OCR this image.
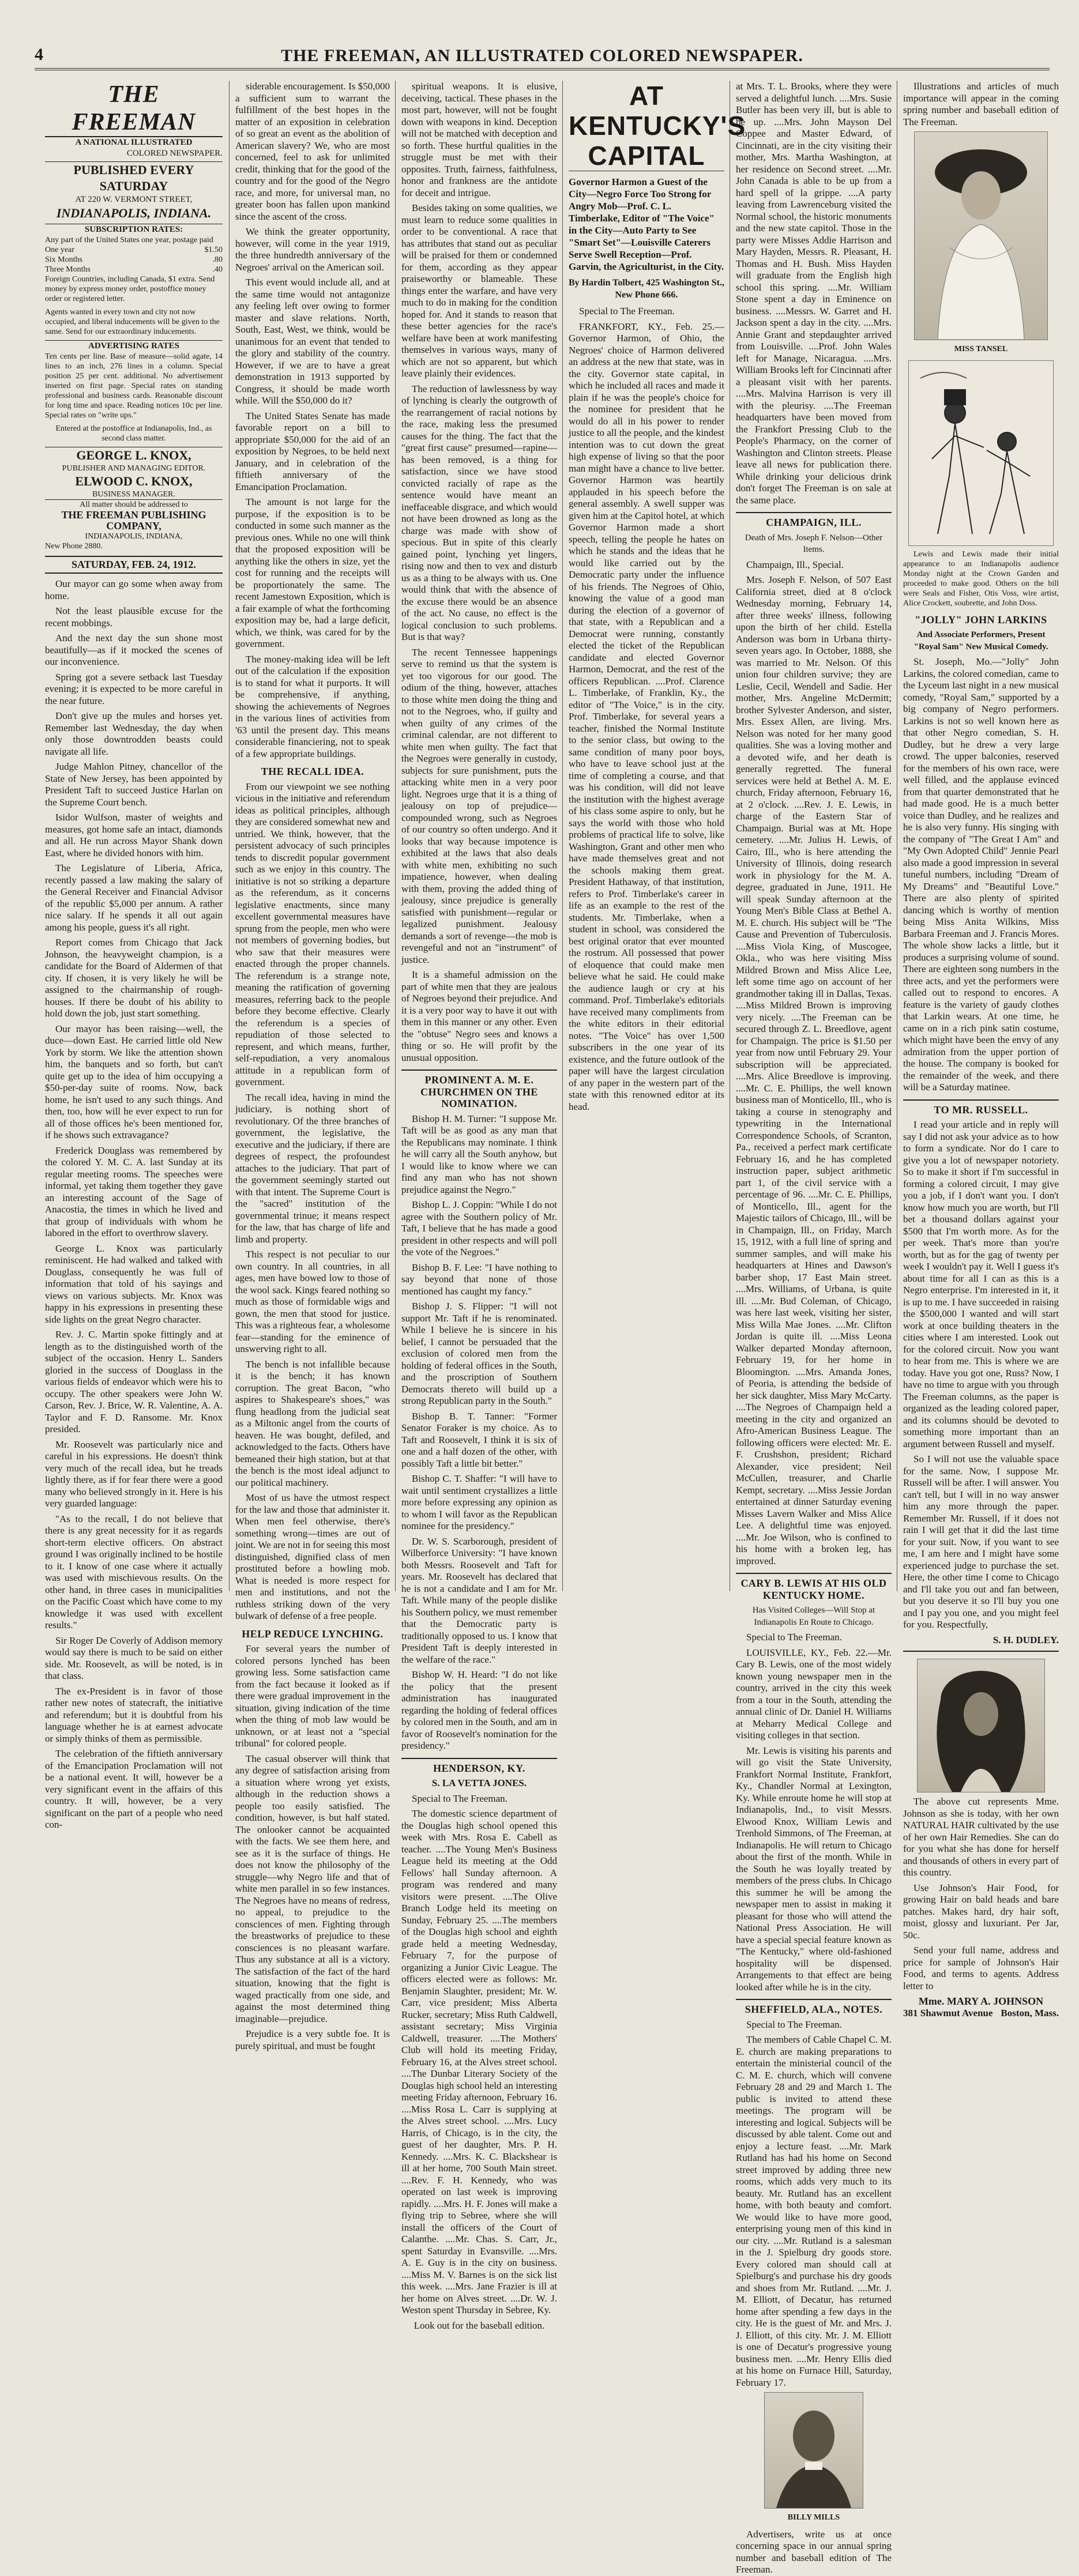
4	THE FREEMAN, AN ILLUSTRATED COLORED NEWSPAPER.
THE FREEMAN
A NATIONAL ILLUSTRATED
COLORED NEWSPAPER.
PUBLISHED EVERY SATURDAY
AT 220 W. VERMONT STREET,
INDIANAPOLIS, INDIANA.
SUBSCRIPTION RATES:
Any part of the United States one year, postage paid
One year	$1.50
Six Months	.80
Three Months	.40

Foreign Countries, including Canada, $1 extra. Send money by express money order, postoffice money order or registered letter.

Agents wanted in every town and city not now occupied, and liberal inducements will be given to the same. Send for our extraordinary inducements.

ADVERTISING RATES

Ten cents per line. Base of measure—solid agate, 14 lines to an inch, 276 lines in a column. Special position 25 per cent. additional. No advertisement inserted on first page. Special rates on standing professional and business cards. Reasonable discount for long time and space. Reading notices 10c per line. Special rates on "write ups."

Entered at the postoffice at Indianapolis, Ind., as second class matter.

GEORGE L. KNOX,
PUBLISHER AND MANAGING EDITOR.
ELWOOD C. KNOX,
BUSINESS MANAGER.
All matter should be addressed to
THE FREEMAN PUBLISHING COMPANY,
INDIANAPOLIS, INDIANA,
New Phone 2880.
SATURDAY, FEB. 24, 1912.

Our mayor can go some when away from home.

Not the least plausible excuse for the recent mobbings.

And the next day the sun shone most beautifully—as if it mocked the scenes of our inconvenience.

Spring got a severe setback last Tuesday evening; it is expected to be more careful in the near future.

Don't give up the mules and horses yet. Remember last Wednesday, the day when only those downtrodden beasts could navigate all life.

Judge Mahlon Pitney, chancellor of the State of New Jersey, has been appointed by President Taft to succeed Justice Harlan on the Supreme Court bench.

Isidor Wulfson, master of weights and measures, got home safe an intact, diamonds and all. He run across Mayor Shank down East, where he divided honors with him.

The Legislature of Liberia, Africa, recently passed a law making the salary of the General Receiver and Financial Advisor of the republic $5,000 per annum. A rather nice salary. If he spends it all out again among his people, guess it's all right.

Report comes from Chicago that Jack Johnson, the heavyweight champion, is a candidate for the Board of Aldermen of that city. If chosen, it is very likely he will be assigned to the chairmanship of rough-houses. If there be doubt of his ability to hold down the job, just start something.

Our mayor has been raising—well, the duce—down East. He carried little old New York by storm. We like the attention shown him, the banquets and so forth, but can't quite get up to the idea of him occupying a $50-per-day suite of rooms. Now, back home, he isn't used to any such things. And then, too, how will he ever expect to run for all of those offices he's been mentioned for, if he shows such extravagance?

Frederick Douglass was remembered by the colored Y. M. C. A. last Sunday at its regular meeting rooms. The speeches were informal, yet taking them together they gave an interesting account of the Sage of Anacostia, the times in which he lived and that group of individuals with whom he labored in the effort to overthrow slavery.

George L. Knox was particularly reminiscent. He had walked and talked with Douglass, consequently he was full of information that told of his sayings and views on various subjects. Mr. Knox was happy in his expressions in presenting these side lights on the great Negro character.

Rev. J. C. Martin spoke fittingly and at length as to the distinguished worth of the subject of the occasion. Henry L. Sanders gloried in the success of Douglass in the various fields of endeavor which were his to occupy. The other speakers were John W. Carson, Rev. J. Brice, W. R. Valentine, A. A. Taylor and F. D. Ransome. Mr. Knox presided.

Mr. Roosevelt was particularly nice and careful in his expressions. He doesn't think very much of the recall idea, but he treads lightly there, as if for fear there were a good many who believed strongly in it. Here is his very guarded language:

"As to the recall, I do not believe that there is any great necessity for it as regards short-term elective officers. On abstract ground I was originally inclined to be hostile to it. I know of one case where it actually was used with mischievous results. On the other hand, in three cases in municipalities on the Pacific Coast which have come to my knowledge it was used with excellent results."

Sir Roger De Coverly of Addison memory would say there is much to be said on either side. Mr. Roosevelt, as will be noted, is in that class.

The ex-President is in favor of those rather new notes of statecraft, the initiative and referendum; but it is doubtful from his language whether he is at earnest advocate or simply thinks of them as permissible.

The celebration of the fiftieth anniversary of the Emancipation Proclamation will not be a national event. It will, however be a very significant event in the affairs of this country. It will, however, be a very significant on the part of a people who need con-

siderable encouragement. Is $50,000 a sufficient sum to warrant the fulfillment of the best hopes in the matter of an exposition in celebration of so great an event as the abolition of American slavery? We, who are most concerned, feel to ask for unlimited credit, thinking that for the good of the country and for the good of the Negro race, and more, for universal man, no greater boon has fallen upon mankind since the ascent of the cross.

We think the greater opportunity, however, will come in the year 1919, the three hundredth anniversary of the Negroes' arrival on the American soil.

This event would include all, and at the same time would not antagonize any feeling left over owing to former master and slave relations. North, South, East, West, we think, would be unanimous for an event that tended to the glory and stability of the country. However, if we are to have a great demonstration in 1913 supported by Congress, it should be made worth while. Will the $50,000 do it?

The United States Senate has made favorable report on a bill to appropriate $50,000 for the aid of an exposition by Negroes, to be held next January, and in celebration of the fiftieth anniversary of the Emancipation Proclamation.

The amount is not large for the purpose, if the exposition is to be conducted in some such manner as the previous ones. While no one will think that the proposed exposition will be anything like the others in size, yet the cost for running and the receipts will be proportionately the same. The recent Jamestown Exposition, which is a fair example of what the forthcoming exposition may be, had a large deficit, which, we think, was cared for by the government.

The money-making idea will be left out of the calculation if the exposition is to stand for what it purports. It will be comprehensive, if anything, showing the achievements of Negroes in the various lines of activities from '63 until the present day. This means considerable financiering, not to speak of a few appropriate buildings.

THE RECALL IDEA.

From our viewpoint we see nothing vicious in the initiative and referendum ideas as political principles, although they are considered somewhat new and untried. We think, however, that the persistent advocacy of such principles tends to discredit popular government such as we enjoy in this country. The initiative is not so striking a departure as the referendum, as it concerns legislative enactments, since many excellent governmental measures have sprung from the people, men who were not members of governing bodies, but who saw that their measures were enacted through the proper channels. The referendum is a strange note, meaning the ratification of governing measures, referring back to the people before they become effective. Clearly the referendum is a species of repudiation of those selected to represent, and which means, further, self-repudiation, a very anomalous attitude in a republican form of government.

The recall idea, having in mind the judiciary, is nothing short of revolutionary. Of the three branches of government, the legislative, the executive and the judiciary, if there are degrees of respect, the profoundest attaches to the judiciary. That part of the government seemingly started out with that intent. The Supreme Court is the "sacred" institution of the governmental trinue; it means respect for the law, that has charge of life and limb and property.

This respect is not peculiar to our own country. In all countries, in all ages, men have bowed low to those of the wool sack. Kings feared nothing so much as those of formidable wigs and gown, the men that stood for justice. This was a righteous fear, a wholesome fear—standing for the eminence of unswerving right to all.

The bench is not infallible because it is the bench; it has known corruption. The great Bacon, "who aspires to Shakespeare's shoes," was flung headlong from the judicial seat as a Miltonic angel from the courts of heaven. He was bought, defiled, and acknowledged to the facts. Others have bemeaned their high station, but at that the bench is the most ideal adjunct to our political machinery.

Most of us have the utmost respect for the law and those that administer it. When men feel otherwise, there's something wrong—times are out of joint. We are not in for seeing this most distinguished, dignified class of men prostituted before a howling mob. What is needed is more respect for men and institutions, and not the ruthless striking down of the very bulwark of defense of a free people.

HELP REDUCE LYNCHING.

For several years the number of colored persons lynched has been growing less. Some satisfaction came from the fact because it looked as if there were gradual improvement in the situation, giving indication of the time when the thing of mob law would be unknown, or at least not a "special tribunal" for colored people.

The casual observer will think that any degree of satisfaction arising from a situation where wrong yet exists, although in the reduction shows a people too easily satisfied. The condition, however, is but half stated. The onlooker cannot be acquainted with the facts. We see them here, and see as it is the surface of things. He does not know the philosophy of the struggle—why Negro life and that of white men parallel in so few instances. The Negroes have no means of redress, no appeal, to prejudice to the consciences of men. Fighting through the breastworks of prejudice to these consciences is no pleasant warfare. Thus any substance at all is a victory. The satisfaction of the fact of the hard situation, knowing that the fight is waged practically from one side, and against the most determined thing imaginable—prejudice.

Prejudice is a very subtle foe. It is purely spiritual, and must be fought

spiritual weapons. It is elusive, deceiving, tactical. These phases in the most part, however, will not be fought down with weapons in kind. Deception will not be matched with deception and so forth. These hurtful qualities in the struggle must be met with their opposites. Truth, fairness, faithfulness, honor and frankness are the antidote for deceit and intrigue.

Besides taking on some qualities, we must learn to reduce some qualities in order to be conventional. A race that has attributes that stand out as peculiar will be praised for them or condemned for them, according as they appear praiseworthy or blameable. These things enter the warfare, and have very much to do in making for the condition hoped for. And it stands to reason that these better agencies for the race's welfare have been at work manifesting themselves in various ways, many of which are not so apparent, but which leave plainly their evidences.

The reduction of lawlessness by way of lynching is clearly the outgrowth of the rearrangement of racial notions by the race, making less the presumed causes for the thing. The fact that the "great first cause" presumed—rapine—has been removed, is a thing for satisfaction, since we have stood convicted racially of rape as the sentence would have meant an ineffaceable disgrace, and which would not have been drowned as long as the charge was made with show of specious. But in spite of this clearly gained point, lynching yet lingers, rising now and then to vex and disturb us as a thing to be always with us. One would think that with the absence of the excuse there would be an absence of the act. No cause, no effect is the logical conclusion to such problems. But is that way?

The recent Tennessee happenings serve to remind us that the system is yet too vigorous for our good. The odium of the thing, however, attaches to those white men doing the thing and not to the Negroes, who, if guilty and when guilty of any crimes of the criminal calendar, are not different to white men when guilty. The fact that the Negroes were generally in custody, subjects for sure punishment, puts the attacking white men in a very poor light. Negroes urge that it is a thing of jealousy on top of prejudice—compounded wrong, such as Negroes of our country so often undergo. And it looks that way because impotence is exhibited at the laws that also deals with white men, exhibiting no such impatience, however, when dealing with them, proving the added thing of jealousy, since prejudice is generally satisfied with punishment—regular or legalized punishment. Jealousy demands a sort of revenge—the mob is revengeful and not an "instrument" of justice.

It is a shameful admission on the part of white men that they are jealous of Negroes beyond their prejudice. And it is a very poor way to have it out with them in this manner or any other. Even the "obtuse" Negro sees and knows a thing or so. He will profit by the unusual opposition.

PROMINENT A. M. E. CHURCHMEN ON THE NOMINATION.

Bishop H. M. Turner: "I suppose Mr. Taft will be as good as any man that the Republicans may nominate. I think he will carry all the South anyhow, but I would like to know where we can find any man who has not shown prejudice against the Negro."

Bishop L. J. Coppin: "While I do not agree with the Southern policy of Mr. Taft, I believe that he has made a good president in other respects and will poll the vote of the Negroes."

Bishop B. F. Lee: "I have nothing to say beyond that none of those mentioned has caught my fancy."

Bishop J. S. Flipper: "I will not support Mr. Taft if he is renominated. While I believe he is sincere in his belief, I cannot be persuaded that the exclusion of colored men from the holding of federal offices in the South, and the proscription of Southern Democrats thereto will build up a strong Republican party in the South."

Bishop B. T. Tanner: "Former Senator Foraker is my choice. As to Taft and Roosevelt, I think it is six of one and a half dozen of the other, with possibly Taft a little bit better."

Bishop C. T. Shaffer: "I will have to wait until sentiment crystallizes a little more before expressing any opinion as to whom I will favor as the Republican nominee for the presidency."

Dr. W. S. Scarborough, president of Wilberforce University: "I have known both Messrs. Roosevelt and Taft for years. Mr. Roosevelt has declared that he is not a candidate and I am for Mr. Taft. While many of the people dislike his Southern policy, we must remember that the Democratic party is traditionally opposed to us. I know that President Taft is deeply interested in the welfare of the race."

Bishop W. H. Heard: "I do not like the policy that the present administration has inaugurated regarding the holding of federal offices by colored men in the South, and am in favor of Roosevelt's nomination for the presidency."

HENDERSON, KY.
S. LA VETTA JONES.

Special to The Freeman.

The domestic science department of the Douglas high school opened this week with Mrs. Rosa E. Cabell as teacher. ....The Young Men's Business League held its meeting at the Odd Fellows' hall Sunday afternoon. A program was rendered and many visitors were present. ....The Olive Branch Lodge held its meeting on Sunday, February 25. ....The members of the Douglas high school and eighth grade held a meeting Wednesday, February 7, for the purpose of organizing a Junior Civic League. The officers elected were as follows: Mr. Benjamin Slaughter, president; Mr. W. Carr, vice president; Miss Alberta Rucker, secretary; Miss Ruth Caldwell, assistant secretary; Miss Virginia Caldwell, treasurer. ....The Mothers' Club will hold its meeting Friday, February 16, at the Alves street school. ....The Dunbar Literary Society of the Douglas high school held an interesting meeting Friday afternoon, February 16. ....Miss Rosa L. Carr is supplying at the Alves street school. ....Mrs. Lucy Harris, of Chicago, is in the city, the guest of her daughter, Mrs. P. H. Kennedy. ....Mrs. K. C. Blackshear is ill at her home, 700 South Main street. ....Rev. F. H. Kennedy, who was operated on last week is improving rapidly. ....Mrs. H. F. Jones will make a flying trip to Sebree, where she will install the officers of the Court of Calanthe. ....Mr. Chas. S. Carr, Jr., spent Saturday in Evansville. ....Mrs. A. E. Guy is in the city on business. ....Miss M. V. Barnes is on the sick list this week. ....Mrs. Jane Frazier is ill at her home on Alves street. ....Dr. W. J. Weston spent Thursday in Sebree, Ky.

Look out for the baseball edition.

AT KENTUCKY'S CAPITAL
Governor Harmon a Guest of the City—Negro Force Too Strong for Angry Mob—Prof. C. L. Timberlake, Editor of "The Voice" in the City—Auto Party to See "Smart Set"—Louisville Caterers Serve Swell Reception—Prof. Garvin, the Agriculturist, in the City.
By Hardin Tolbert, 425 Washington St., New Phone 666.

Special to The Freeman.

FRANKFORT, KY., Feb. 25.—Governor Harmon, of Ohio, the Negroes' choice of Harmon delivered an address at the new that state, was in the city. Governor state capital, in which he included all races and made it plain if he was the people's choice for the nominee for president that he would do all in his power to render justice to all the people, and the kindest intention was to cut down the great high expense of living so that the poor man might have a chance to live better. Governor Harmon was heartily applauded in his speech before the general assembly. A swell supper was given him at the Capitol hotel, at which Governor Harmon made a short speech, telling the people he hates on which he stands and the ideas that he would like carried out by the Democratic party under the influence of his friends. The Negroes of Ohio, knowing the value of a good man during the election of a governor of that state, with a Republican and a Democrat were running, constantly elected the ticket of the Republican candidate and elected Governor Harmon, Democrat, and the rest of the officers Republican. ....Prof. Clarence L. Timberlake, of Franklin, Ky., the editor of "The Voice," is in the city. Prof. Timberlake, for several years a teacher, finished the Normal Institute to the senior class, but owing to the same condition of many poor boys, who have to leave school just at the time of completing a course, and that was his condition, will did not leave the institution with the highest average of his class some aspire to only, but he says the world with those who hold problems of practical life to solve, like Washington, Grant and other men who have made themselves great and not the schools making them great. President Hathaway, of that institution, refers to Prof. Timberlake's career in life as an example to the rest of the students. Mr. Timberlake, when a student in school, was considered the best original orator that ever mounted the rostrum. All possessed that power of eloquence that could make men believe what he said. He could make the audience laugh or cry at his command. Prof. Timberlake's editorials have received many compliments from the white editors in their editorial notes. "The Voice" has over 1,500 subscribers in the one year of its existence, and the future outlook of the paper will have the largest circulation of any paper in the western part of the state with this renowned editor at its head.

at Mrs. T. L. Brooks, where they were served a delightful lunch. ....Mrs. Susie Butler has been very ill, but is able to be up. ....Mrs. John Mayson Del Coppee and Master Edward, of Cincinnati, are in the city visiting their mother, Mrs. Martha Washington, at her residence on Second street. ....Mr. John Canada is able to be up from a hard spell of la grippe. ....A party leaving from Lawrenceburg visited the Normal school, the historic monuments and the new state capitol. Those in the party were Misses Addie Harrison and Mary Hayden, Messrs. R. Pleasant, H. Thomas and H. Bush. Miss Hayden will graduate from the English high school this spring. ....Mr. William Stone spent a day in Eminence on business. ....Messrs. W. Garret and H. Jackson spent a day in the city. ....Mrs. Annie Grant and stepdaughter arrived from Louisville. ....Prof. John Wales left for Manage, Nicaragua. ....Mrs. William Brooks left for Cincinnati after a pleasant visit with her parents. ....Mrs. Malvina Harrison is very ill with the pleurisy. ....The Freeman headquarters have been moved from the Frankfort Pressing Club to the People's Pharmacy, on the corner of Washington and Clinton streets. Please leave all news for publication there. While drinking your delicious drink don't forget The Freeman is on sale at the same place.

CHAMPAIGN, ILL.
Death of Mrs. Joseph F. Nelson—Other Items.

Champaign, Ill., Special.

Mrs. Joseph F. Nelson, of 507 East California street, died at 8 o'clock Wednesday morning, February 14, after three weeks' illness, following upon the birth of her child. Estella Anderson was born in Urbana thirty-seven years ago. In October, 1888, she was married to Mr. Nelson. Of this union four children survive; they are Leslie, Cecil, Wendell and Sadie. Her mother, Mrs. Angeline McDermitt; brother Sylvester Anderson, and sister, Mrs. Essex Allen, are living. Mrs. Nelson was noted for her many good qualities. She was a loving mother and a devoted wife, and her death is generally regretted. The funeral services were held at Bethel A. M. E. church, Friday afternoon, February 16, at 2 o'clock. ....Rev. J. E. Lewis, in charge of the Eastern Star of Champaign. Burial was at Mt. Hope cemetery. ....Mr. Julius H. Lewis, of Cairo, Ill., who is here attending the University of Illinois, doing research work in physiology for the M. A. degree, graduated in June, 1911. He will speak Sunday afternoon at the Young Men's Bible Class at Bethel A. M. E. church. His subject will be "The Cause and Prevention of Tuberculosis. ....Miss Viola King, of Muscogee, Okla., who was here visiting Miss Mildred Brown and Miss Alice Lee, left some time ago on account of her grandmother taking ill in Dallas, Texas. ....Miss Mildred Brown is improving very nicely. ....The Freeman can be secured through Z. L. Breedlove, agent for Champaign. The price is $1.50 per year from now until February 29. Your subscription will be appreciated. ....Mrs. Alice Breedlove is improving. ....Mr. C. E. Phillips, the well known business man of Monticello, Ill., who is taking a course in stenography and typewriting in the International Correspondence Schools, of Scranton, Pa., received a perfect mark certificate February 16, and he has completed instruction paper, subject arithmetic part 1, of the civil service with a percentage of 96. ....Mr. C. E. Phillips, of Monticello, Ill., agent for the Majestic tailors of Chicago, Ill., will be in Champaign, Ill., on Friday, March 15, 1912, with a full line of spring and summer samples, and will make his headquarters at Hines and Dawson's barber shop, 17 East Main street. ....Mrs. Williams, of Urbana, is quite ill. ....Mr. Bud Coleman, of Chicago, was here last week, visiting her sister, Miss Willa Mae Jones. ....Mr. Clifton Jordan is quite ill. ....Miss Leona Walker departed Monday afternoon, February 19, for her home in Bloomington. ....Mrs. Amanda Jones, of Peoria, is attending the bedside of her sick daughter, Miss Mary McCarty. ....The Negroes of Champaign held a meeting in the city and organized an Afro-American Business League. The following officers were elected: Mr. E. F. Crushshon, president; Richard Alexander, vice president; Neil McCullen, treasurer, and Charlie Kempt, secretary. ....Miss Jessie Jordan entertained at dinner Saturday evening Misses Lavern Walker and Miss Alice Lee. A delightful time was enjoyed. ....Mr. Joe Wilson, who is confined to his home with a broken leg, has improved.

CARY B. LEWIS AT HIS OLD KENTUCKY HOME.
Has Visited Colleges—Will Stop at Indianapolis En Route to Chicago.

Special to The Freeman.

LOUISVILLE, KY., Feb. 22.—Mr. Cary B. Lewis, one of the most widely known young newspaper men in the country, arrived in the city this week from a tour in the South, attending the annual clinic of Dr. Daniel H. Williams at Meharry Medical College and visiting colleges in that section.

Mr. Lewis is visiting his parents and will go visit the State University, Frankfort Normal Institute, Frankfort, Ky., Chandler Normal at Lexington, Ky. While enroute home he will stop at Indianapolis, Ind., to visit Messrs. Elwood Knox, William Lewis and Trenhold Simmons, of The Freeman, at Indianapolis. He will return to Chicago about the first of the month. While in the South he was loyally treated by members of the press clubs. In Chicago this summer he will be among the newspaper men to assist in making it pleasant for those who will attend the National Press Association. He will have a special special feature known as "The Kentucky," where old-fashioned hospitality will be dispensed. Arrangements to that effect are being looked after while he is in the city.

SHEFFIELD, ALA., NOTES.

Special to The Freeman.

The members of Cable Chapel C. M. E. church are making preparations to entertain the ministerial council of the C. M. E. church, which will convene February 28 and 29 and March 1. The public is invited to attend these meetings. The program will be interesting and logical. Subjects will be discussed by able talent. Come out and enjoy a lecture feast. ....Mr. Mark Rutland has had his home on Second street improved by adding three new rooms, which adds very much to its beauty. Mr. Rutland has an excellent home, with both beauty and comfort. We would like to have more good, enterprising young men of this kind in our city. ....Mr. Rutland is a salesman in the J. Spielburg dry goods store. Every colored man should call at Spielburg's and purchase his dry goods and shoes from Mr. Rutland. ....Mr. J. M. Elliott, of Decatur, has returned home after spending a few days in the city. He is the guest of Mr. and Mrs. J. J. Elliott, of this city. Mr. J. M. Elliott is one of Decatur's progressive young business men. ....Mr. Henry Ellis died at his home on Furnace Hill, Saturday, February 17.

BILLY MILLS

Advertisers, write us at once concerning space in our annual spring number and baseball edition of The Freeman.

Illustrations and articles of much importance will appear in the coming spring number and baseball edition of The Freeman.

MISS TANSEL

Lewis and Lewis made their initial appearance to an Indianapolis audience Monday night at the Crown Garden and proceeded to make good. Others on the bill were Seals and Fisher, Otis Voss, wire artist, Alice Crockett, soubrette, and John Doss.

"JOLLY" JOHN LARKINS
And Associate Performers, Present "Royal Sam" New Musical Comedy.

St. Joseph, Mo.—"Jolly" John Larkins, the colored comedian, came to the Lyceum last night in a new musical comedy, "Royal Sam," supported by a big company of Negro performers. Larkins is not so well known here as that other Negro comedian, S. H. Dudley, but he drew a very large crowd. The upper balconies, reserved for the members of his own race, were well filled, and the applause evinced from that quarter demonstrated that he had made good. He is a much better voice than Dudley, and he realizes and he is also very funny. His singing with the company of "The Great I Am" and "My Own Adopted Child" Jennie Pearl also made a good impression in several tuneful numbers, including "Dream of My Dreams" and "Beautiful Love." There are also plenty of spirited dancing which is worthy of mention being Miss Anita Wilkins, Miss Barbara Freeman and J. Francis Mores. The whole show lacks a little, but it produces a surprising volume of sound. There are eighteen song numbers in the three acts, and yet the performers were called out to respond to encores. A feature is the variety of gaudy clothes that Larkin wears. At one time, he came on in a rich pink satin costume, which might have been the envy of any admiration from the upper portion of the house. The company is booked for the remainder of the week, and there will be a Saturday matinee.

TO MR. RUSSELL.

I read your article and in reply will say I did not ask your advice as to how to form a syndicate. Nor do I care to give you a lot of newspaper notoriety. So to make it short if I'm successful in forming a colored circuit, I may give you a job, if I don't want you. I don't know how much you are worth, but I'll bet a thousand dollars against your $500 that I'm worth more. As for the per week. That's more than you're worth, but as for the gag of twenty per week I wouldn't pay it. Well I guess it's about time for all I can as this is a Negro enterprise. I'm interested in it, it is up to me. I have succeeded in raising the $500,000 I wanted and will start work at once building theaters in the cities where I am interested. Look out for the colored circuit. Now you want to hear from me. This is where we are today. Have you got one, Russ? Now, I have no time to argue with you through The Freeman columns, as the paper is organized as the leading colored paper, and its columns should be devoted to something more important than an argument between Russell and myself.

So I will not use the valuable space for the same. Now, I suppose Mr. Russell will be after. I will answer. You can't tell, but I will in no way answer him any more through the paper. Remember Mr. Russell, if it does not rain I will get that it did the last time for your suit. Now, if you want to see me, I am here and I might have some experienced judge to purchase the set. Here, the other time I come to Chicago and I'll take you out and fan between, but you deserve it so I'll buy you one and I pay you one, and you might feel for you. Respectfully,

S. H. DUDLEY.

The above cut represents Mme. Johnson as she is today, with her own NATURAL HAIR cultivated by the use of her own Hair Remedies. She can do for you what she has done for herself and thousands of others in every part of this country.

Use Johnson's Hair Food, for growing Hair on bald heads and bare patches. Makes hard, dry hair soft, moist, glossy and luxuriant. Per Jar, 50c.

Send your full name, address and price for sample of Johnson's Hair Food, and terms to agents. Address letter to

Mme. MARY A. JOHNSON
381 Shawmut Avenue Boston, Mass.
